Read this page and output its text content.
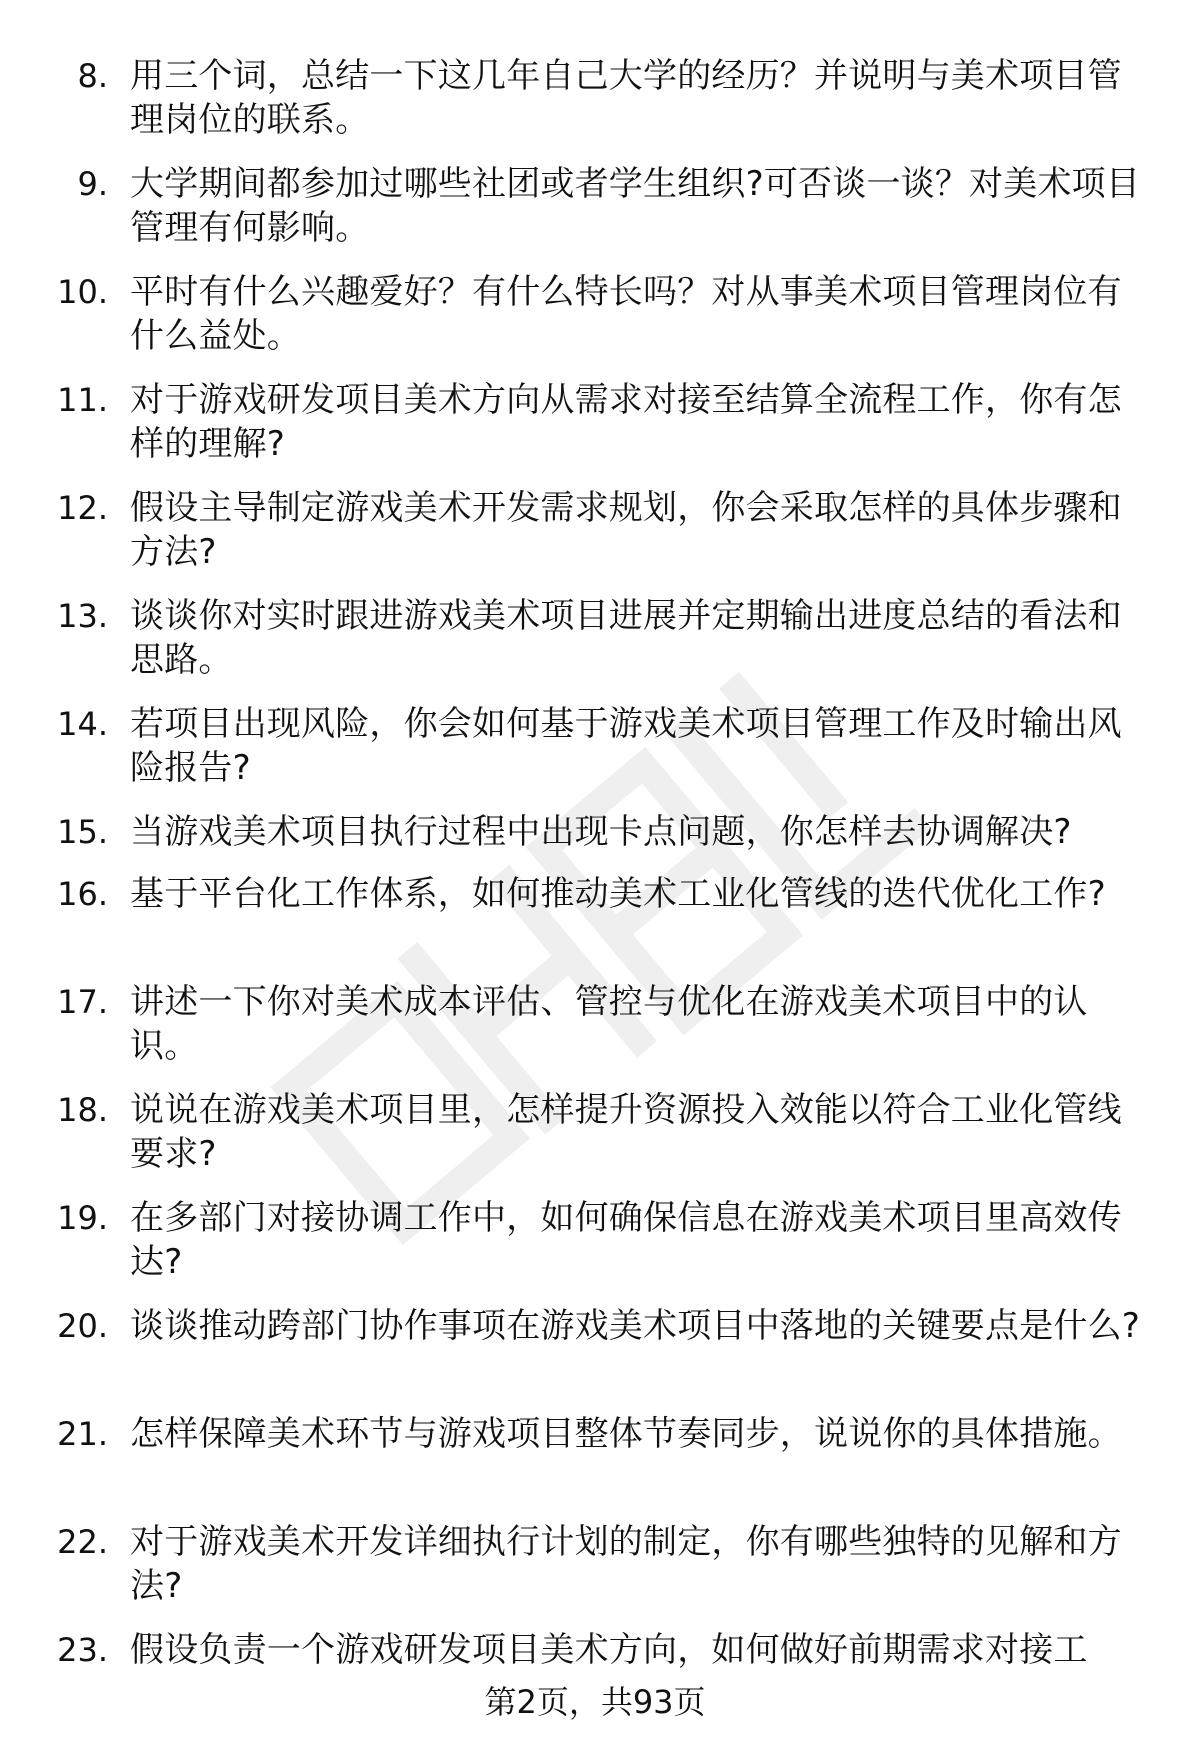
8. 用三个词，总结一下这几年自己大学的经历？并说明与美术项目管理岗位的联系。
9. 大学期间都参加过哪些社团或者学生组织?可否谈一谈？对美术项目管理有何影响。
10. 平时有什么兴趣爱好？有什么特长吗？对从事美术项目管理岗位有什么益处。
11. 对于游戏研发项目美术方向从需求对接至结算全流程工作，你有怎样的理解?
12. 假设主导制定游戏美术开发需求规划，你会采取怎样的具体步骤和方法?
13. 谈谈你对实时跟进游戏美术项目进展并定期输出进度总结的看法和思路。
14. 若项目出现风险，你会如何基于游戏美术项目管理工作及时输出风险报告?
15. 当游戏美术项目执行过程中出现卡点问题，你怎样去协调解决?
16. 基于平台化工作体系，如何推动美术工业化管线的迭代优化工作?
17. 讲述一下你对美术成本评估、管控与优化在游戏美术项目中的认识。
18. 说说在游戏美术项目里，怎样提升资源投入效能以符合工业化管线要求?
19. 在多部门对接协调工作中，如何确保信息在游戏美术项目里高效传达?
20. 谈谈推动跨部门协作事项在游戏美术项目中落地的关键要点是什么?
21. 怎样保障美术环节与游戏项目整体节奏同步，说说你的具体措施。
22. 对于游戏美术开发详细执行计划的制定，你有哪些独特的见解和方法?
23. 假设负责一个游戏研发项目美术方向，如何做好前期需求对接工
第2页，共93页
